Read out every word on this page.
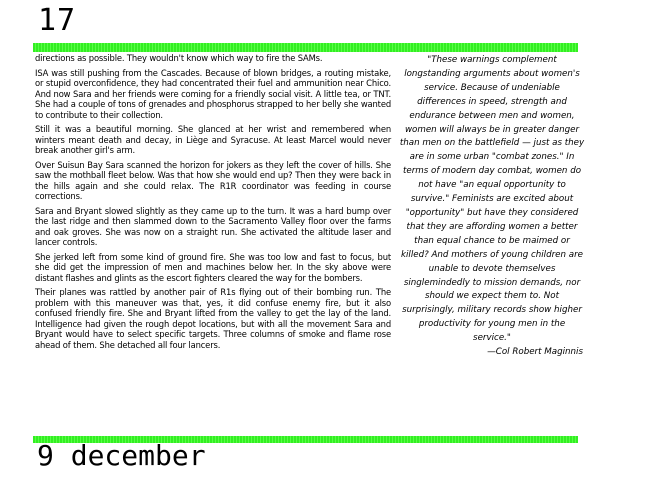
17

directions as possible. They wouldn't know which way to fire the SAMs.

ISA was still pushing from the Cascades. Because of blown bridges, a routing mistake, or stupid overconfidence, they had concentrated their fuel and ammunition near Chico. And now Sara and her friends were coming for a friendly social visit. A little tea, or TNT. She had a couple of tons of grenades and phosphorus strapped to her belly she wanted to contribute to their collection.

Still it was a beautiful morning. She glanced at her wrist and remembered when winters meant death and decay, in Liège and Syracuse. At least Marcel would never break another girl's arm.

Over Suisun Bay Sara scanned the horizon for jokers as they left the cover of hills. She saw the mothball fleet below. Was that how she would end up? Then they were back in the hills again and she could relax. The R1R coordinator was feeding in course corrections.

Sara and Bryant slowed slightly as they came up to the turn. It was a hard bump over the last ridge and then slammed down to the Sacramento Valley floor over the farms and oak groves. She was now on a straight run. She activated the altitude laser and lancer controls.

She jerked left from some kind of ground fire. She was too low and fast to focus, but she did get the impression of men and machines below her. In the sky above were distant flashes and glints as the escort fighters cleared the way for the bombers.

Their planes was rattled by another pair of R1s flying out of their bombing run. The problem with this maneuver was that, yes, it did confuse enemy fire, but it also confused friendly fire. She and Bryant lifted from the valley to get the lay of the land. Intelligence had given the rough depot locations, but with all the movement Sara and Bryant would have to select specific targets. Three columns of smoke and flame rose ahead of them. She detached all four lancers.

"These warnings complement longstanding arguments about women's service. Because of undeniable differences in speed, strength and endurance between men and women, women will always be in greater danger than men on the battlefield — just as they are in some urban "combat zones." In terms of modern day combat, women do not have "an equal opportunity to survive." Feminists are excited about "opportunity" but have they considered that they are affording women a better than equal chance to be maimed or killed? And mothers of young children are unable to devote themselves singlemindedly to mission demands, nor should we expect them to. Not surprisingly, military records show higher productivity for young men in the service."

—Col Robert Maginnis

9 december
